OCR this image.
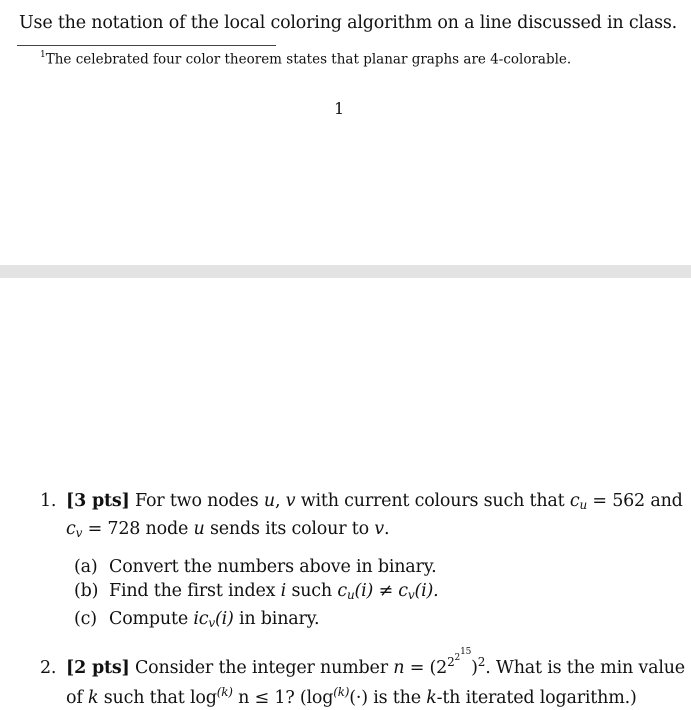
Use the notation of the local coloring algorithm on a line discussed in class.
$^1$The celebrated four color theorem states that planar graphs are 4-colorable.
1
1. [3 pts] For two nodes u, v with current colours such that $c_u = 562$ and
$c_v = 728$ node u sends its colour to v.
(a) Convert the numbers above in binary.
(b) Find the first index i such $c_u(i) \ne c_v(i)$.
(c) Compute $ic_v(i)$ in binary.
2. [2 pts] Consider the integer number $n = (2^{2^{215}})^2$. What is the min value
of k such that $\log^{(k)} n \le 1$? ($\log^{(k)}(\cdot)$ is the k-th iterated logarithm.)
